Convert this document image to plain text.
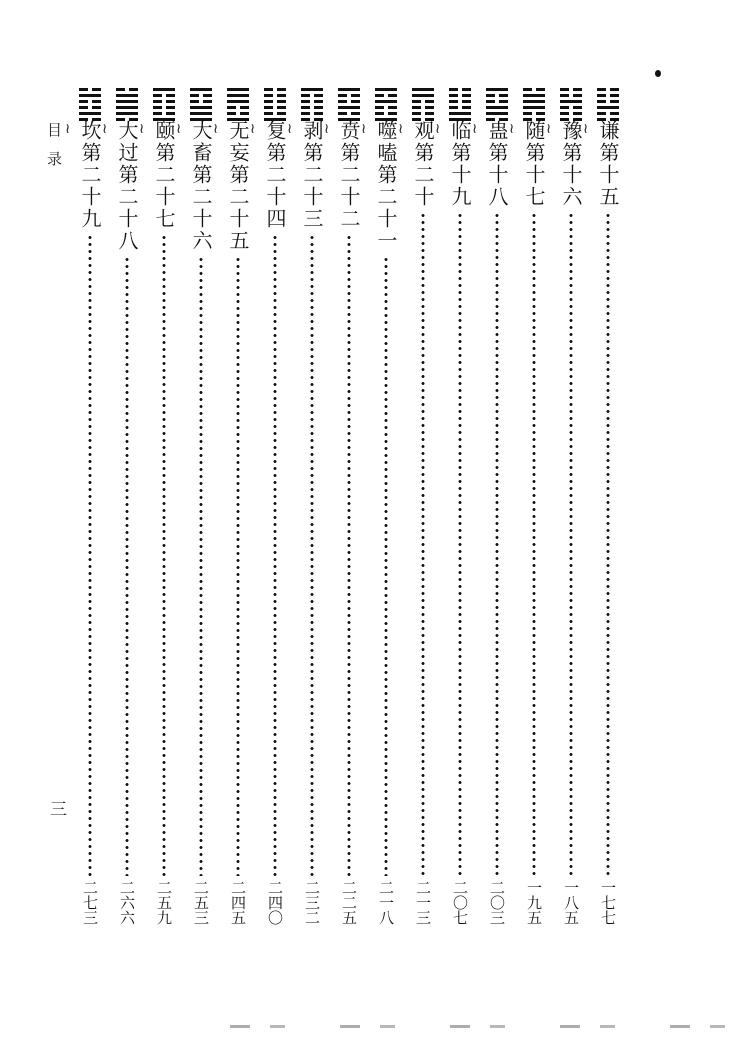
目录
三
≀ 谦第十五
一七七
≀ 豫第十六
一八五
≀ 随第十七
一九五
≀ 蛊第十八
二〇三
≀ 临第十九
二〇七
≀ 观第二十
二一三
≀ 噬嗑第二十一
二一八
≀ 贲第二十二
二二五
≀ 剥第二十三
二三二
≀ 复第二十四
二四〇
≀ 无妄第二十五
二四五
≀ 大畜第二十六
二五三
≀ 颐第二十七
二五九
≀ 大过第二十八
二六六
≀ 坎第二十九
二七三
